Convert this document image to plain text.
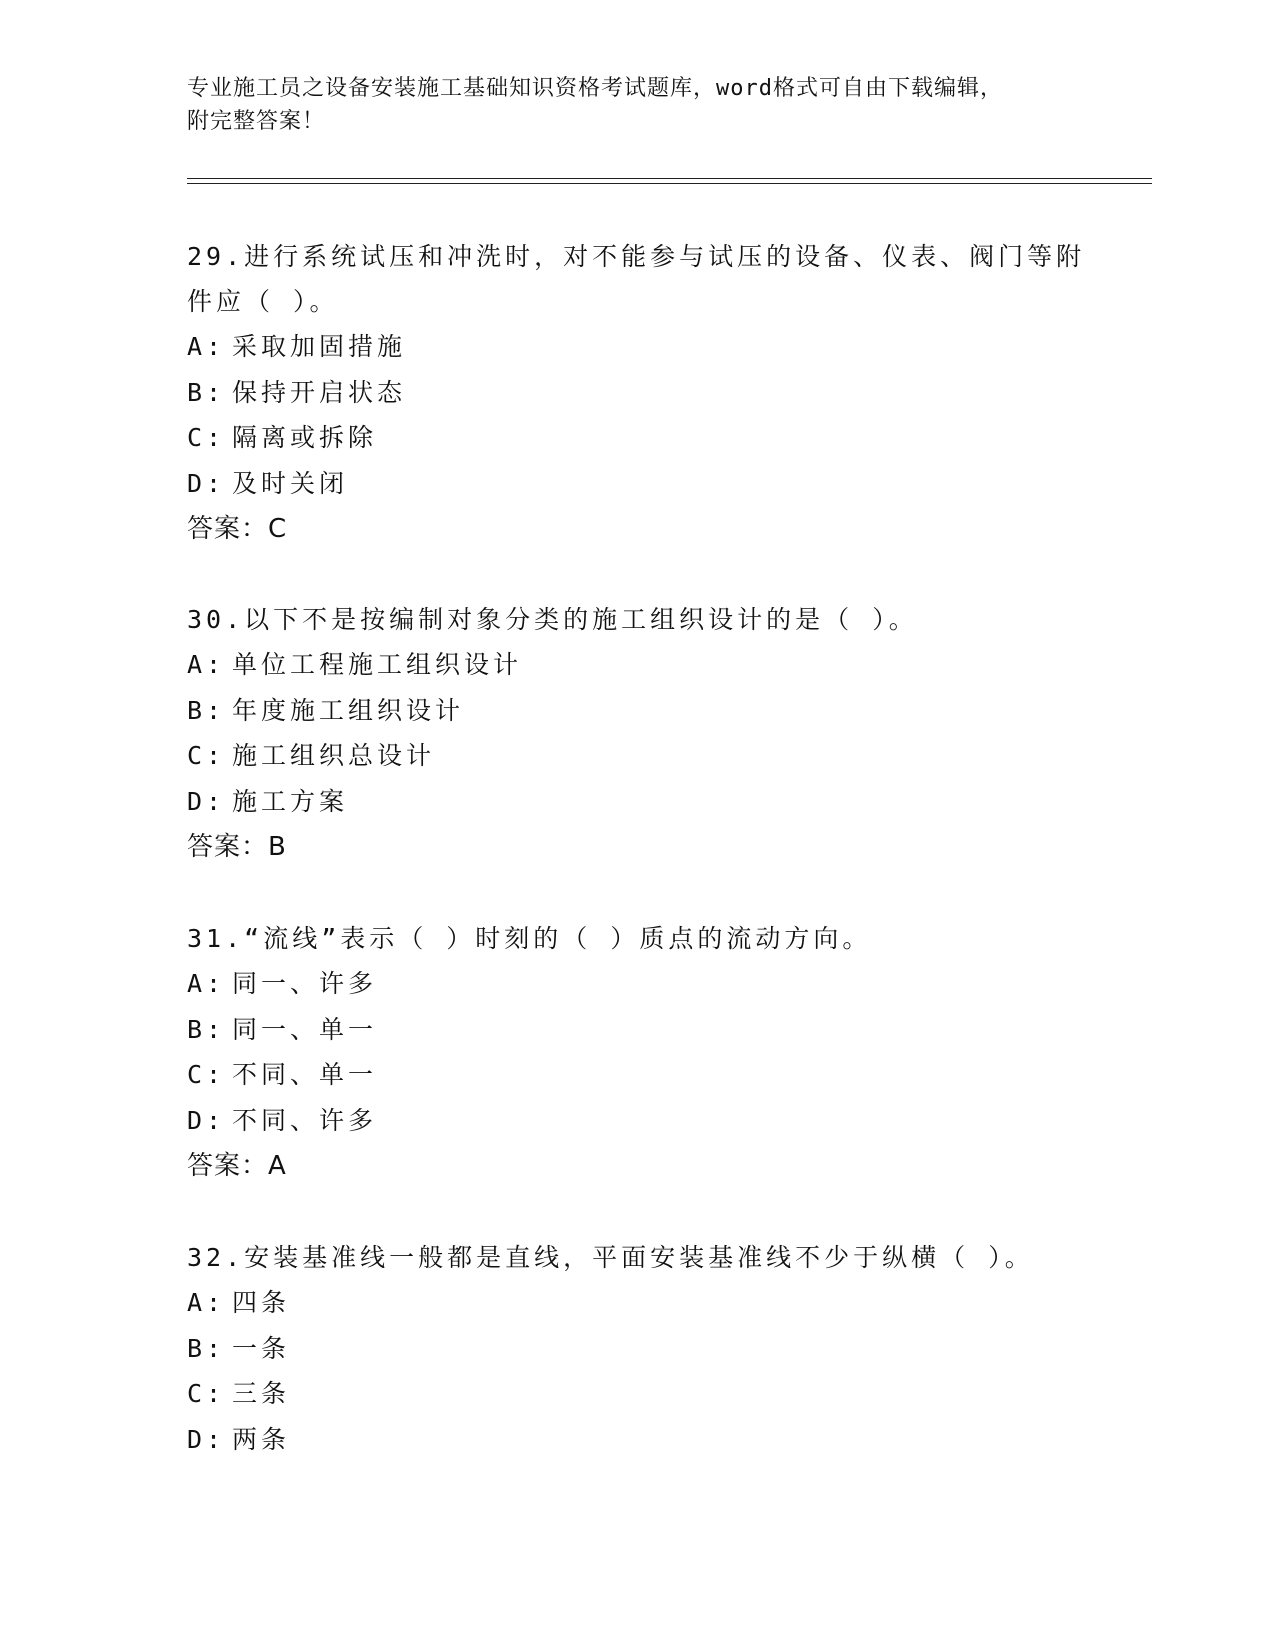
专业施工员之设备安装施工基础知识资格考试题库，word格式可自由下载编辑，
附完整答案！

29.进行系统试压和冲洗时，对不能参与试压的设备、仪表、阀门等附件应（ ）。

A: 采取加固措施

B: 保持开启状态

C: 隔离或拆除

D: 及时关闭

答案：C

30.以下不是按编制对象分类的施工组织设计的是（ ）。

A: 单位工程施工组织设计

B: 年度施工组织设计

C: 施工组织总设计

D: 施工方案

答案：B

31.“流线”表示（ ）时刻的（ ）质点的流动方向。

A: 同一、许多

B: 同一、单一

C: 不同、单一

D: 不同、许多

答案：A

32.安装基准线一般都是直线，平面安装基准线不少于纵横（ ）。

A: 四条

B: 一条

C: 三条

D: 两条
